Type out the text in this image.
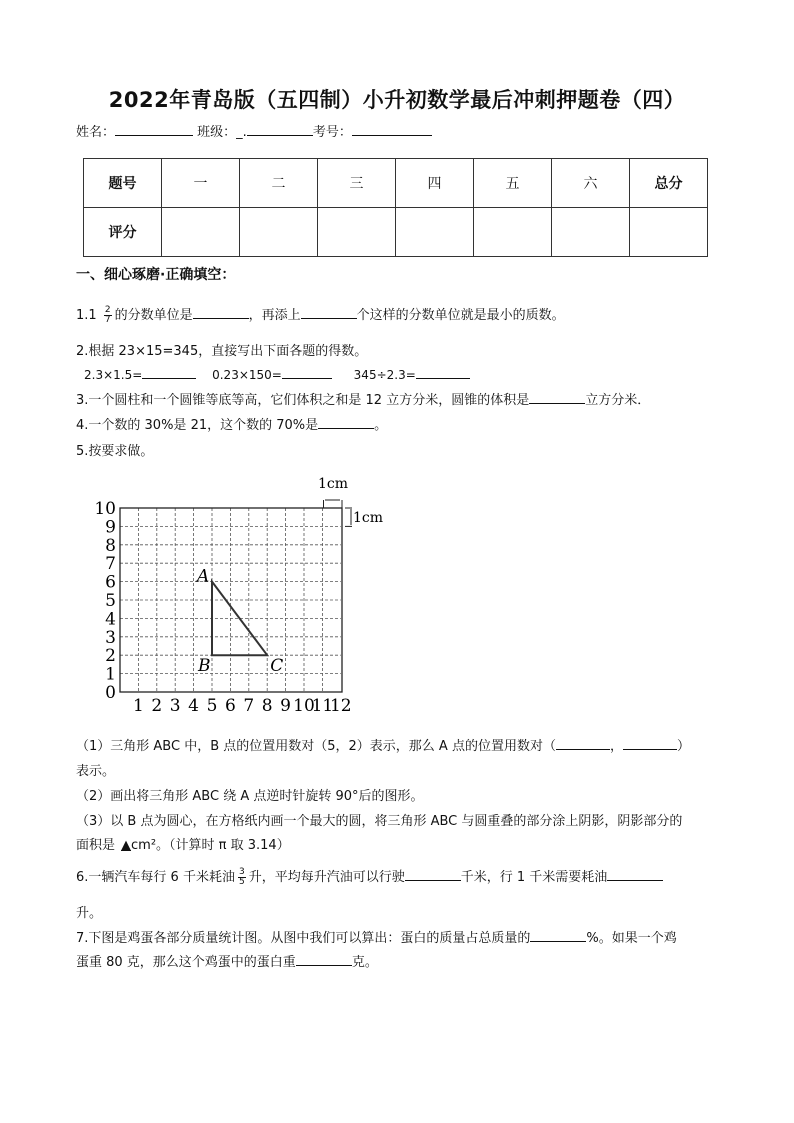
2022年青岛版（五四制）小升初数学最后冲刺押题卷（四）
姓名：	班级：_.	考号：
题号	一	二	三	四	五	六	总分
评分							
一、细心琢磨·正确填空：
$1.1 \frac{2}{7}$ 的分数单位是	，再添上	个这样的分数单位就是最小的质数。
2.根据 23×15=345，直接写出下面各题的得数。
2.3×1.5=	0.23×150=	345÷2.3=
3.一个圆柱和一个圆锥等底等高，它们体积之和是 12 立方分米，圆锥的体积是	立方分米．
4.一个数的 30%是 21，这个数的 70%是	。
5.按要求做。
0
1
2
3
4
5
6
7
8
9
10
1 2 3 4 5 6 7 8 9 10
11
12
A
B	C
1cm
1cm
（1）三角形 ABC 中，B 点的位置用数对（5，2）表示，那么 A 点的位置用数对（	，	）
表示。
（2）画出将三角形 ABC 绕 A 点逆时针旋转 90°后的图形。
（3）以 B 点为圆心，在方格纸内画一个最大的圆，将三角形 ABC 与圆重叠的部分涂上阴影，阴影部分的
面积是 ▲cm²。（计算时 π 取 3.14）
6.一辆汽车每行 6 千米耗油 $\frac{3}{5}$ 升，平均每升汽油可以行驶	千米，行 1 千米需要耗油
升。
7.下图是鸡蛋各部分质量统计图。从图中我们可以算出：蛋白的质量占总质量的	%。如果一个鸡
蛋重 80 克，那么这个鸡蛋中的蛋白重	克。
